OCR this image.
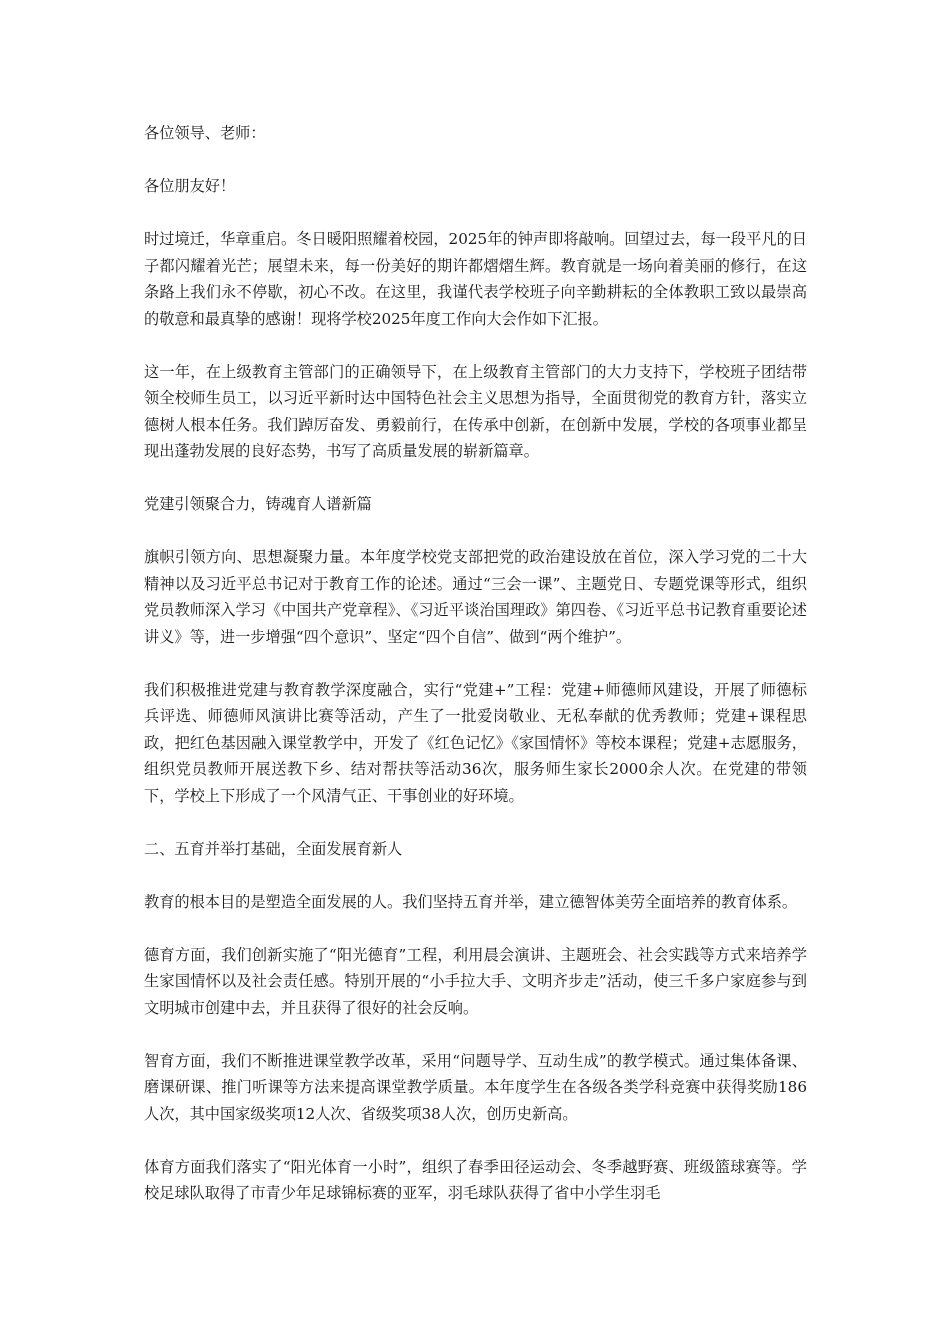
各位领导、老师：

各位朋友好！

时过境迁，华章重启。冬日暖阳照耀着校园，2025年的钟声即将敲响。回望过去，每一段平凡的日子都闪耀着光芒；展望未来，每一份美好的期许都熠熠生辉。教育就是一场向着美丽的修行，在这条路上我们永不停歇，初心不改。在这里，我谨代表学校班子向辛勤耕耘的全体教职工致以最崇高的敬意和最真挚的感谢！现将学校2025年度工作向大会作如下汇报。

这一年，在上级教育主管部门的正确领导下，在上级教育主管部门的大力支持下，学校班子团结带领全校师生员工，以习近平新时达中国特色社会主义思想为指导，全面贯彻党的教育方针，落实立德树人根本任务。我们踔厉奋发、勇毅前行，在传承中创新，在创新中发展，学校的各项事业都呈现出蓬勃发展的良好态势，书写了高质量发展的崭新篇章。

党建引领聚合力，铸魂育人谱新篇

旗帜引领方向、思想凝聚力量。本年度学校党支部把党的政治建设放在首位，深入学习党的二十大精神以及习近平总书记对于教育工作的论述。通过“三会一课”、主题党日、专题党课等形式，组织党员教师深入学习《中国共产党章程》、《习近平谈治国理政》第四卷、《习近平总书记教育重要论述讲义》等，进一步增强“四个意识”、坚定“四个自信”、做到“两个维护”。

我们积极推进党建与教育教学深度融合，实行“党建+”工程：党建+师德师风建设，开展了师德标兵评选、师德师风演讲比赛等活动，产生了一批爱岗敬业、无私奉献的优秀教师；党建+课程思政，把红色基因融入课堂教学中，开发了《红色记忆》《家国情怀》等校本课程；党建+志愿服务，组织党员教师开展送教下乡、结对帮扶等活动36次，服务师生家长2000余人次。在党建的带领下，学校上下形成了一个风清气正、干事创业的好环境。

二、五育并举打基础，全面发展育新人

教育的根本目的是塑造全面发展的人。我们坚持五育并举，建立德智体美劳全面培养的教育体系。

德育方面，我们创新实施了“阳光德育”工程，利用晨会演讲、主题班会、社会实践等方式来培养学生家国情怀以及社会责任感。特别开展的“小手拉大手、文明齐步走”活动，使三千多户家庭参与到文明城市创建中去，并且获得了很好的社会反响。

智育方面，我们不断推进课堂教学改革，采用“问题导学、互动生成”的教学模式。通过集体备课、磨课研课、推门听课等方法来提高课堂教学质量。本年度学生在各级各类学科竞赛中获得奖励186人次，其中国家级奖项12人次、省级奖项38人次，创历史新高。

体育方面我们落实了“阳光体育一小时”，组织了春季田径运动会、冬季越野赛、班级篮球赛等。学校足球队取得了市青少年足球锦标赛的亚军，羽毛球队获得了省中小学生羽毛
